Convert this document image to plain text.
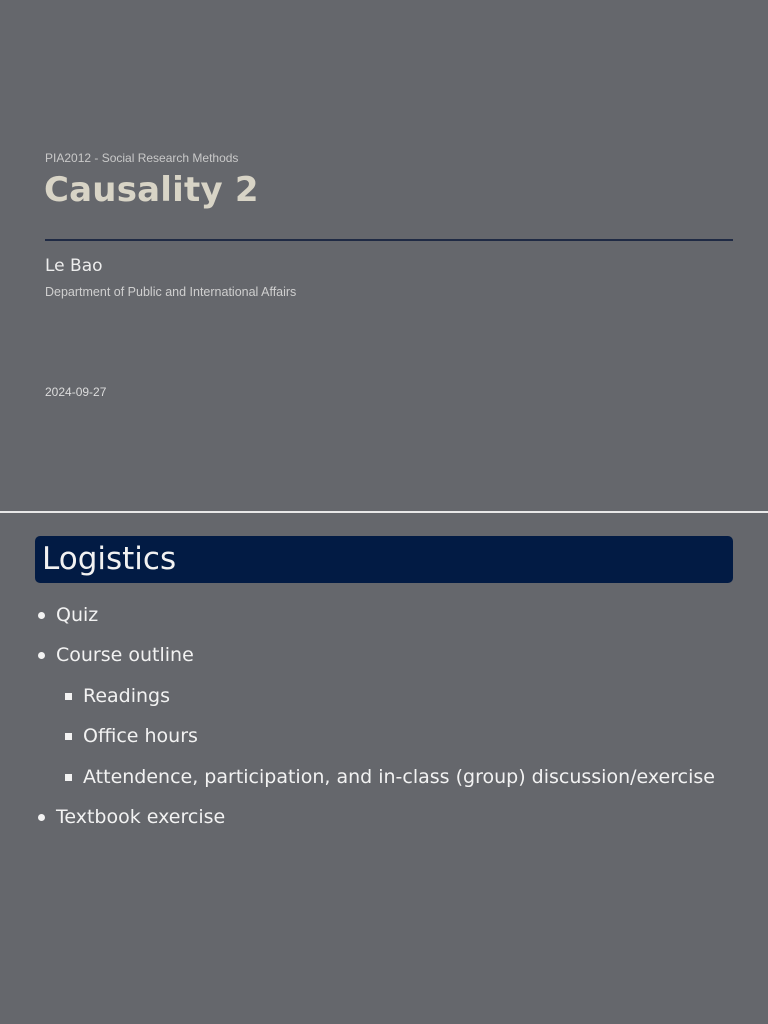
PIA2012 - Social Research Methods
Causality 2
Le Bao
Department of Public and International Affairs
2024-09-27
Logistics
Quiz
Course outline
Readings
Office hours
Attendence, participation, and in-class (group) discussion/exercise
Textbook exercise
